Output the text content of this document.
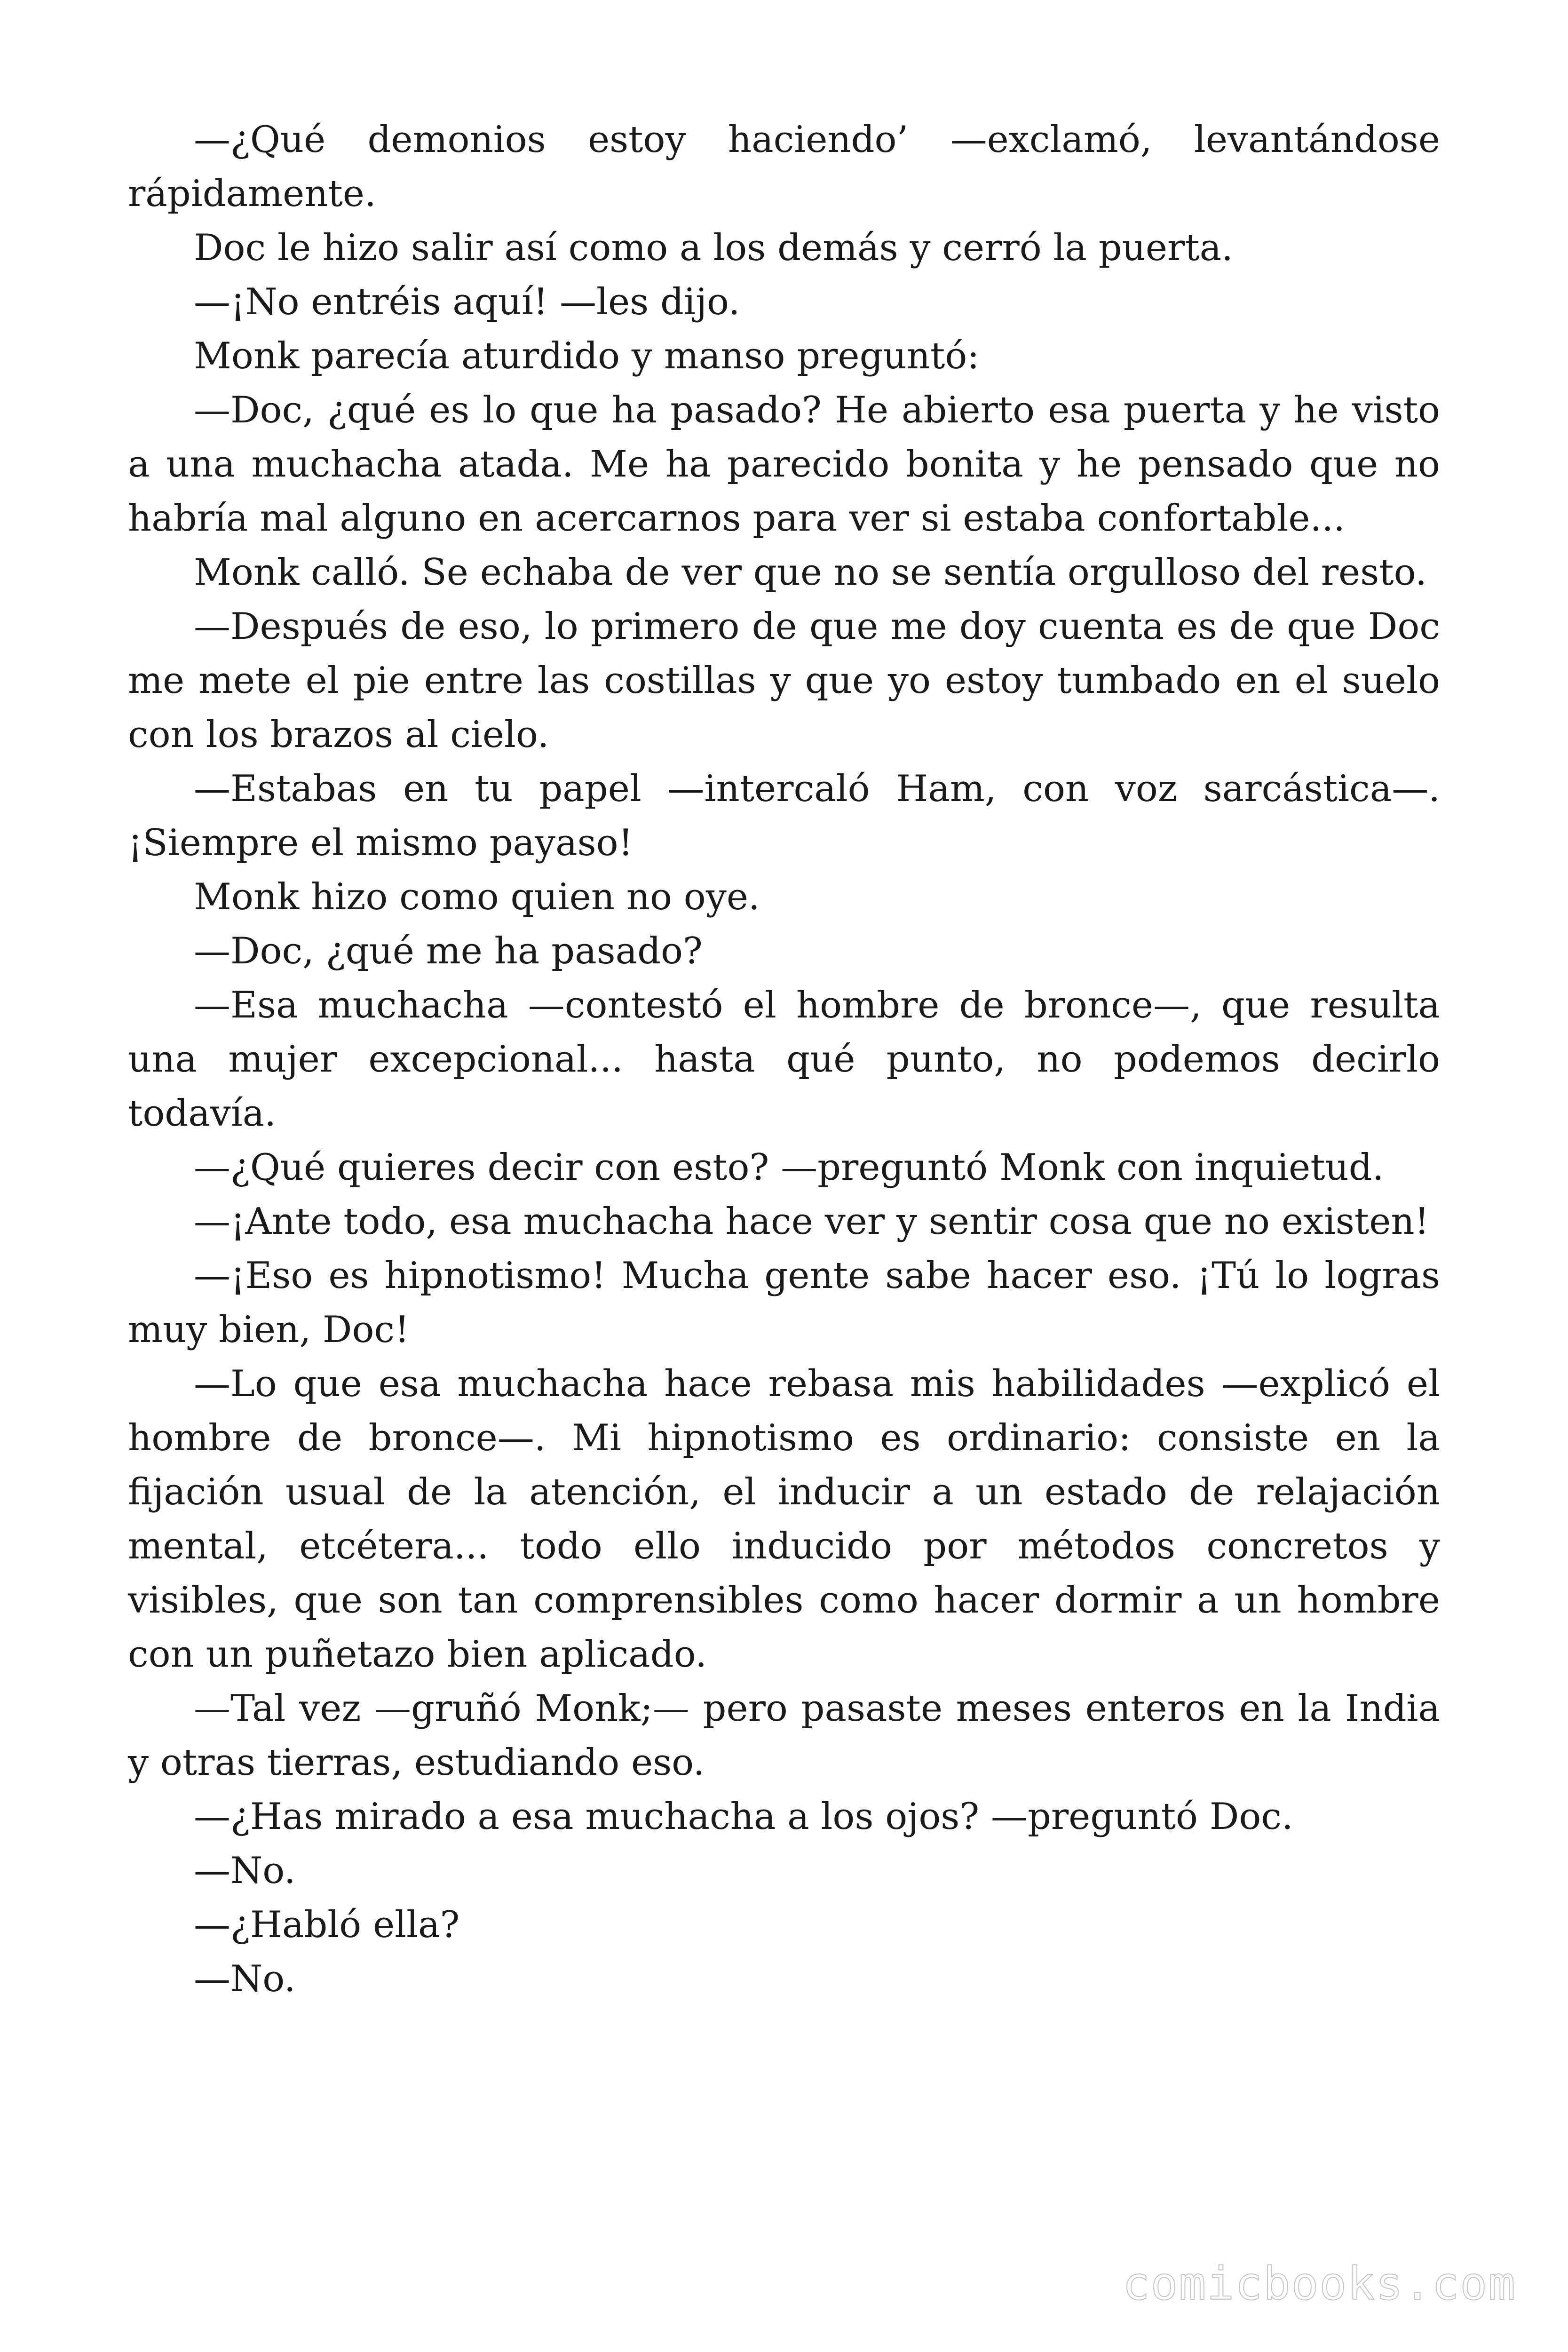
—¿Qué demonios estoy haciendo’ —exclamó, levantándose rápidamente.

Doc le hizo salir así como a los demás y cerró la puerta.

—¡No entréis aquí! —les dijo.

Monk parecía aturdido y manso preguntó:

—Doc, ¿qué es lo que ha pasado? He abierto esa puerta y he visto a una muchacha atada. Me ha parecido bonita y he pensado que no habría mal alguno en acercarnos para ver si estaba confortable...

Monk calló. Se echaba de ver que no se sentía orgulloso del resto.

—Después de eso, lo primero de que me doy cuenta es de que Doc me mete el pie entre las costillas y que yo estoy tumbado en el suelo con los brazos al cielo.

—Estabas en tu papel —intercaló Ham, con voz sarcástica—. ¡Siempre el mismo payaso!

Monk hizo como quien no oye.

—Doc, ¿qué me ha pasado?

—Esa muchacha —contestó el hombre de bronce—, que resulta una mujer excepcional... hasta qué punto, no podemos decirlo todavía.

—¿Qué quieres decir con esto? —preguntó Monk con inquietud.

—¡Ante todo, esa muchacha hace ver y sentir cosa que no existen!

—¡Eso es hipnotismo! Mucha gente sabe hacer eso. ¡Tú lo logras muy bien, Doc!

—Lo que esa muchacha hace rebasa mis habilidades —explicó el hombre de bronce—. Mi hipnotismo es ordinario: consiste en la fijación usual de la atención, el inducir a un estado de relajación mental, etcétera... todo ello inducido por métodos concretos y visibles, que son tan comprensibles como hacer dormir a un hombre con un puñetazo bien aplicado.

—Tal vez —gruñó Monk;— pero pasaste meses enteros en la India y otras tierras, estudiando eso.

—¿Has mirado a esa muchacha a los ojos? —preguntó Doc.

—No.

—¿Habló ella?

—No.

comicbooks.com
